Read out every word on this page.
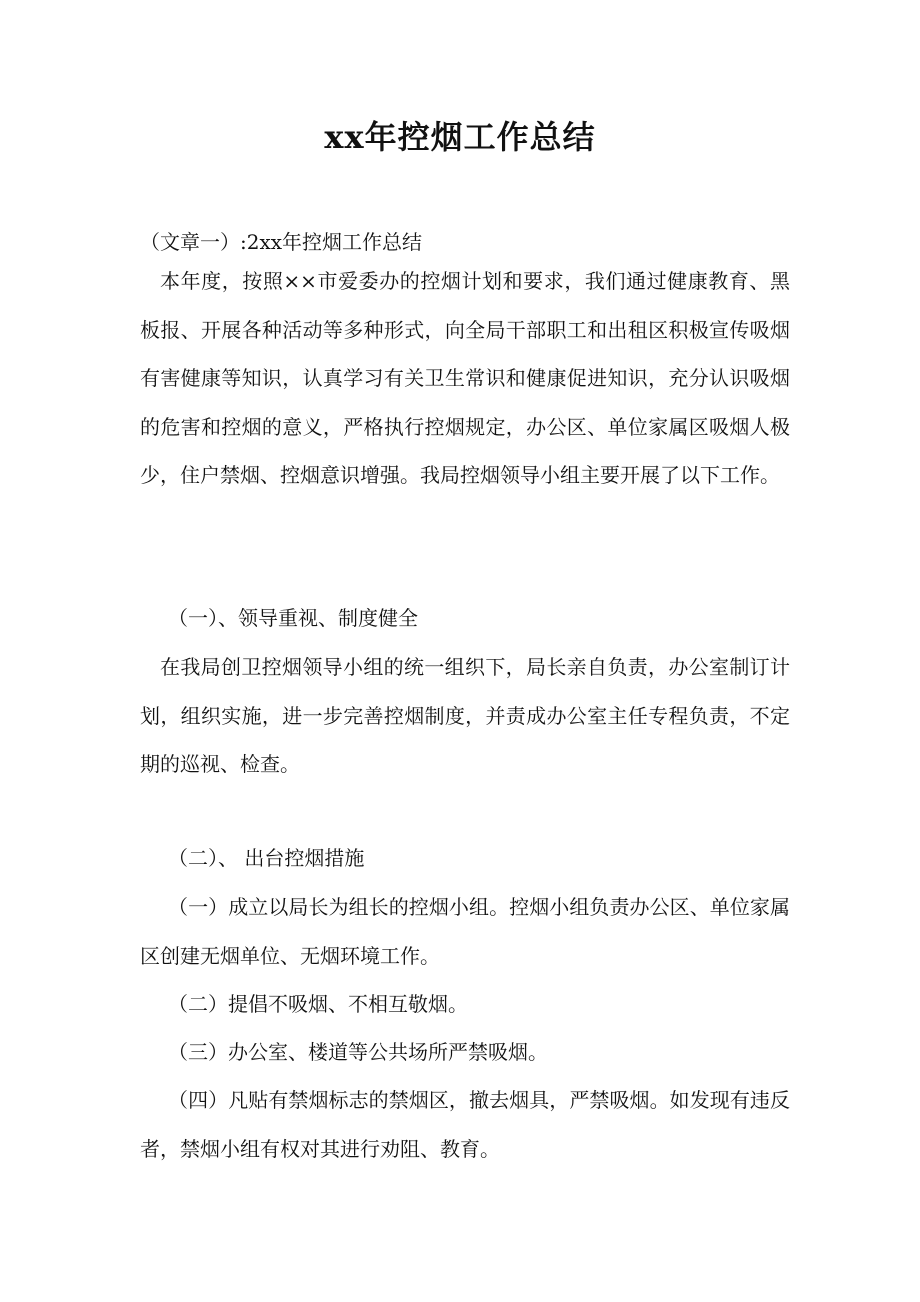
xx年控烟工作总结
（文章一）:2xx年控烟工作总结
本年度，按照××市爱委办的控烟计划和要求，我们通过健康教育、黑板报、开展各种活动等多种形式，向全局干部职工和出租区积极宣传吸烟有害健康等知识，认真学习有关卫生常识和健康促进知识，充分认识吸烟的危害和控烟的意义，严格执行控烟规定，办公区、单位家属区吸烟人极少，住户禁烟、控烟意识增强。我局控烟领导小组主要开展了以下工作。
（一）、领导重视、制度健全
在我局创卫控烟领导小组的统一组织下，局长亲自负责，办公室制订计划，组织实施，进一步完善控烟制度，并责成办公室主任专程负责，不定期的巡视、检查。
（二）、 出台控烟措施
（一）成立以局长为组长的控烟小组。控烟小组负责办公区、单位家属区创建无烟单位、无烟环境工作。
（二）提倡不吸烟、不相互敬烟。
（三）办公室、楼道等公共场所严禁吸烟。
（四）凡贴有禁烟标志的禁烟区，撤去烟具，严禁吸烟。如发现有违反者，禁烟小组有权对其进行劝阻、教育。
